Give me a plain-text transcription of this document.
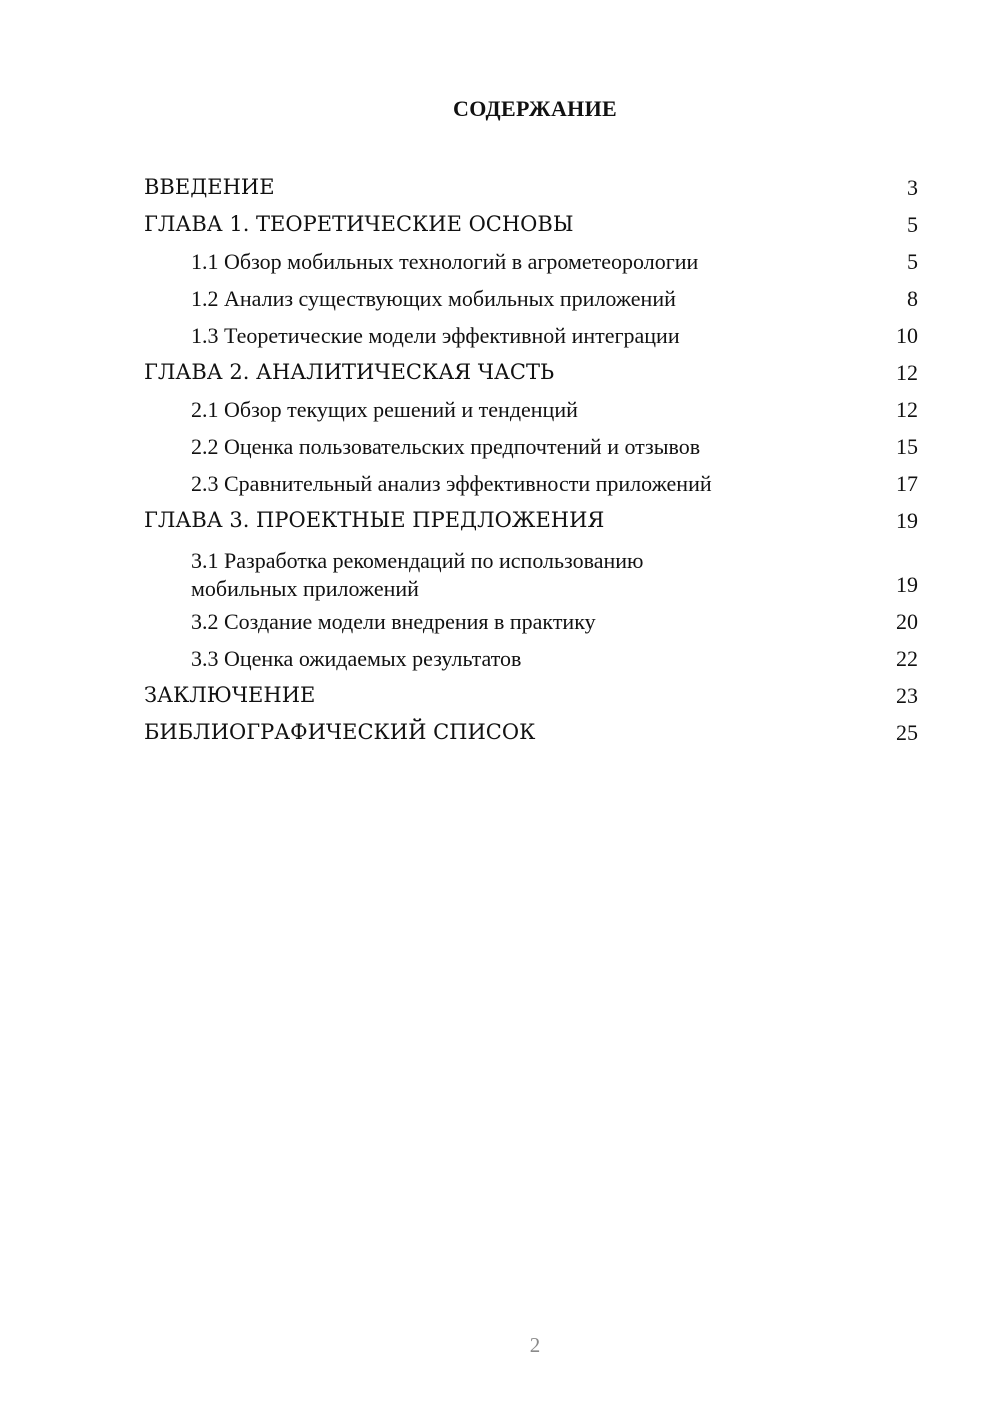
СОДЕРЖАНИЕ
ВВЕДЕНИЕ	3
ГЛАВА 1. ТЕОРЕТИЧЕСКИЕ ОСНОВЫ	5
1.1 Обзор мобильных технологий в агрометеорологии	5
1.2 Анализ существующих мобильных приложений	8
1.3 Теоретические модели эффективной интеграции	10
ГЛАВА 2. АНАЛИТИЧЕСКАЯ ЧАСТЬ	12
2.1 Обзор текущих решений и тенденций	12
2.2 Оценка пользовательских предпочтений и отзывов	15
2.3 Сравнительный анализ эффективности приложений	17
ГЛАВА 3. ПРОЕКТНЫЕ ПРЕДЛОЖЕНИЯ	19
3.1 Разработка рекомендаций по использованию
мобильных приложений	19
3.2 Создание модели внедрения в практику	20
3.3 Оценка ожидаемых результатов	22
ЗАКЛЮЧЕНИЕ	23
БИБЛИОГРАФИЧЕСКИЙ СПИСОК	25
2
